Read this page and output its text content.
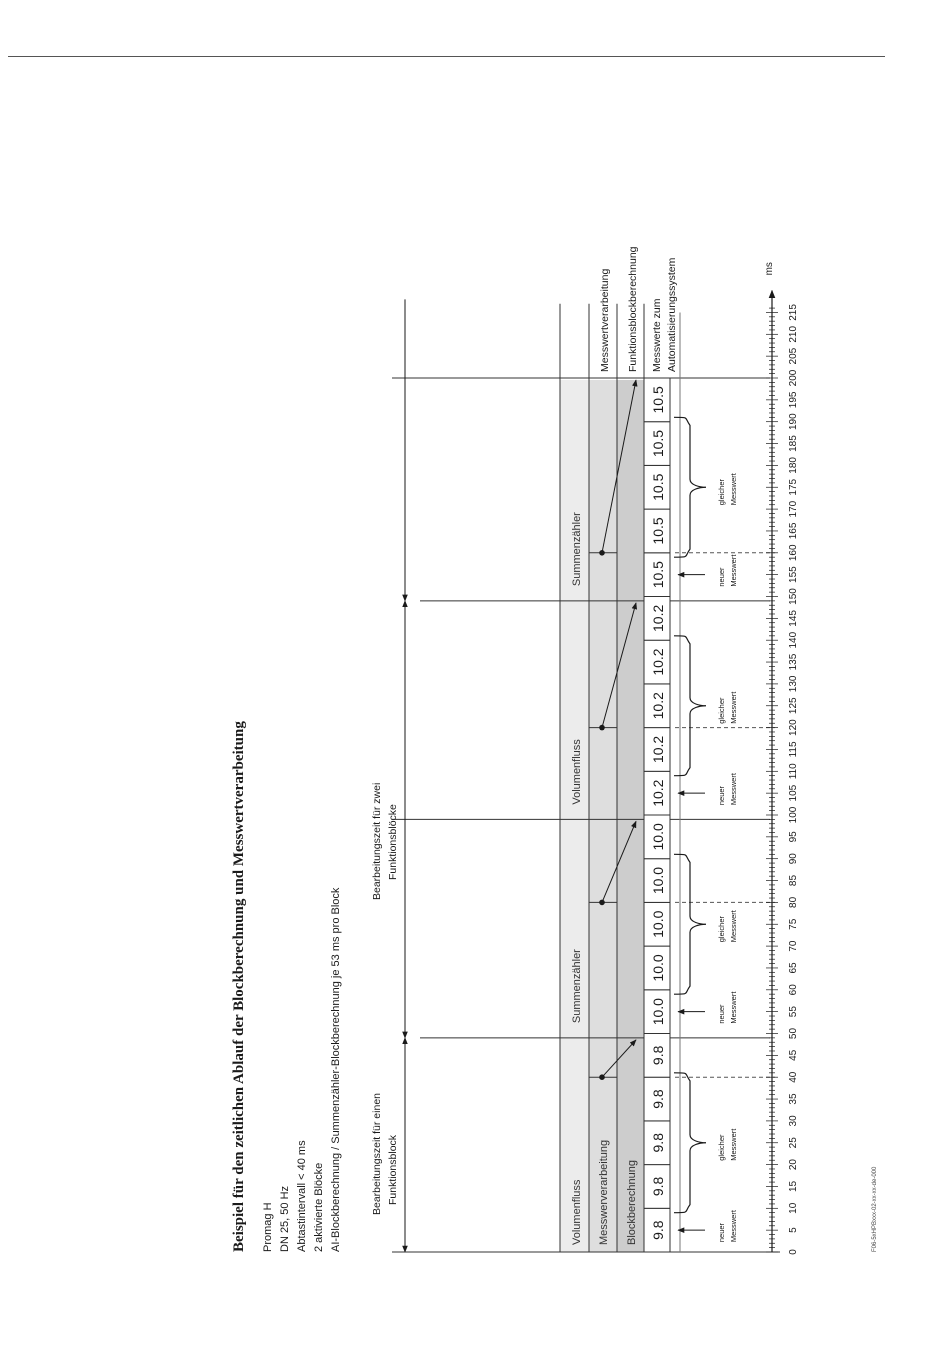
Beispiel für den zeitlichen Ablauf der Blockberechnung und Messwertverarbeitung Promag H DN 25, 50 Hz Abtastintervall < 40 ms 2 aktivierte Blöcke AI-Blockberechnung / Summenzähler-Blockberechnung je 53 ms pro Block	Bearbeitungszeit für einen Funktionsblock
Bearbeitungszeit für zwei Funktionsblöcke
Messwertverarbeitung Funktionsblockberechnung Messwerte zum Automatisierungssystem
Summenzähler
Volumenfluss
Summenzähler
Volumenfluss Messwerverarbeitung Blockberechnung 9.8
9.8
9.8
9.8
9.8
10.0
10.0
10.0
10.0
10.0
10.2
10.2
10.2
10.2
10.2
10.5
10.5
10.5
10.5
10.5
neuer Messwert
neuer Messwert
neuer Messwert
neuer Messwert
gleicher Messwert
gleicher Messwert
gleicher Messwert
gleicher Messwert
0
5
10
15
20
25
30
35
40
45
50
55
60
65
70
75
80
85
90
95
100
105
110
115
120
125
130
135
140
145
150
155
160
165
170
175
180
185
190
195
200
205
210
215
ms
F06-5xHPBxxx-02-xx-xx-de-000
